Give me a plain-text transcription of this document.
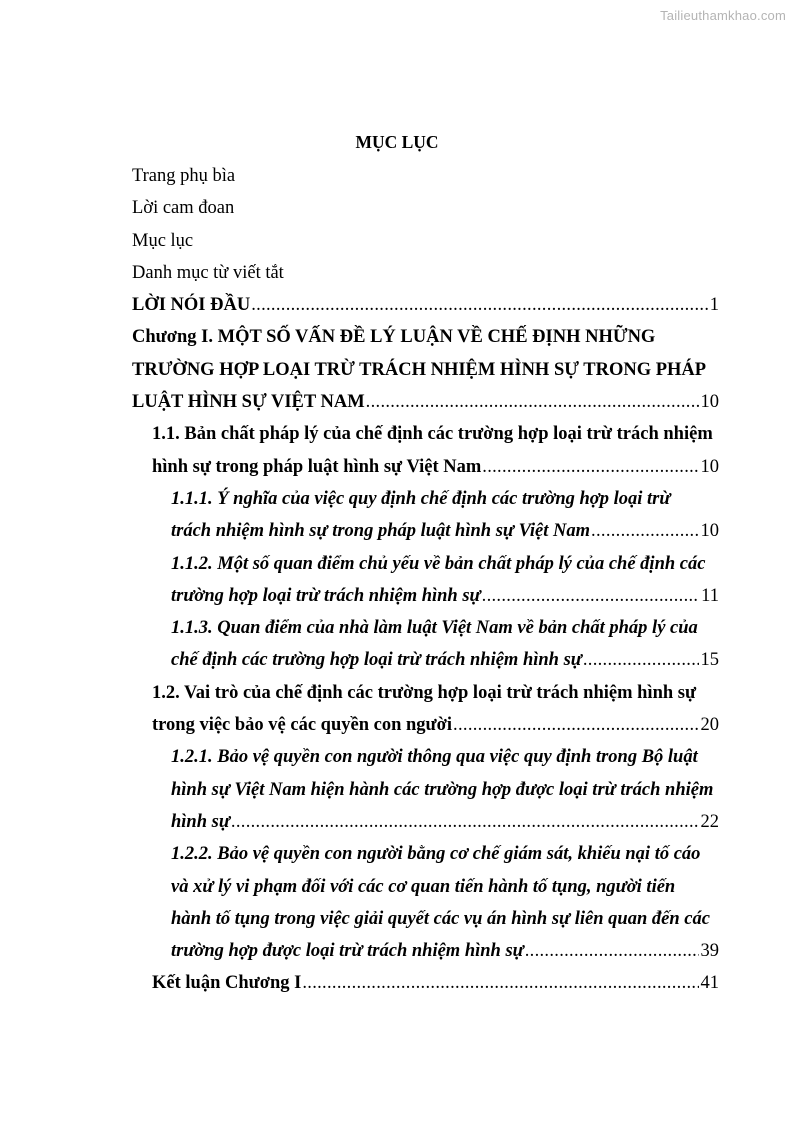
Tailieuthamkhao.com
MỤC LỤC
Trang phụ bìa
Lời cam đoan
Mục lục
Danh mục từ viết tắt
LỜI NÓI ĐẦU .....	1
Chương I. MỘT SỐ VẤN ĐỀ LÝ LUẬN VỀ CHẾ ĐỊNH NHỮNG
TRƯỜNG HỢP LOẠI TRỪ TRÁCH NHIỆM HÌNH SỰ TRONG PHÁP
LUẬT HÌNH SỰ VIỆT NAM .....	10
1.1. Bản chất pháp lý của chế định các trường hợp loại trừ trách nhiệm
hình sự trong pháp luật hình sự Việt Nam .....	10
1.1.1. Ý nghĩa của việc quy định chế định các trường hợp loại trừ
trách nhiệm hình sự trong pháp luật hình sự Việt Nam .....	10
1.1.2. Một số quan điểm chủ yếu về bản chất pháp lý của chế định các
trường hợp loại trừ trách nhiệm hình sự .....	11
1.1.3. Quan điểm của nhà làm luật Việt Nam về bản chất pháp lý của
chế định các trường hợp loại trừ trách nhiệm hình sự .....	15
1.2. Vai trò của chế định các trường hợp loại trừ trách nhiệm hình sự
trong việc bảo vệ các quyền con người .....	20
1.2.1. Bảo vệ quyền con người thông qua việc quy định trong Bộ luật
hình sự Việt Nam hiện hành các trường hợp được loại trừ trách nhiệm
hình sự .....	22
1.2.2. Bảo vệ quyền con người bằng cơ chế giám sát, khiếu nại tố cáo
và xử lý vi phạm đối với các cơ quan tiến hành tố tụng, người tiến
hành tố tụng trong việc giải quyết các vụ án hình sự liên quan đến các
trường hợp được loại trừ trách nhiệm hình sự .....	39
Kết luận Chương I .....	41
